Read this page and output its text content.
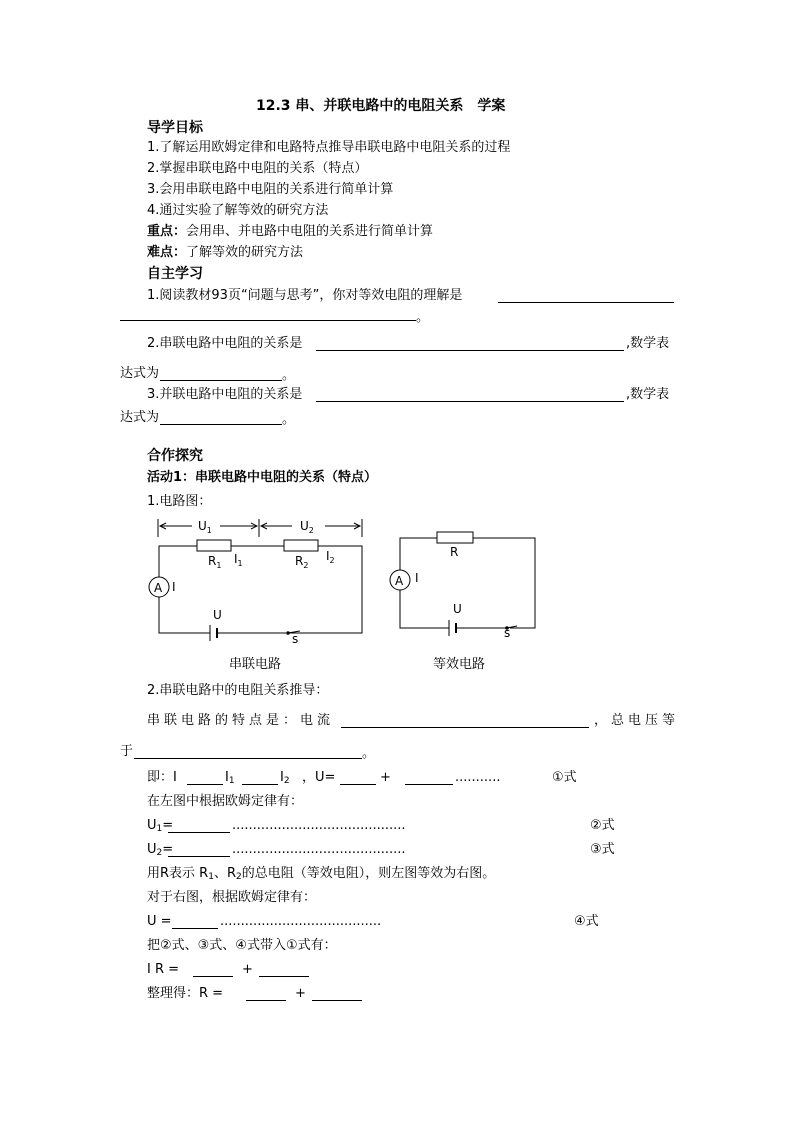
12.3 串、并联电路中的电阻关系　学案
导学目标
1.了解运用欧姆定律和电路特点推导串联电路中电阻关系的过程
2.掌握串联电路中电阻的关系（特点）
3.会用串联电路中电阻的关系进行简单计算
4.通过实验了解等效的研究方法
重点：会用串、并电路中电阻的关系进行简单计算
难点：了解等效的研究方法
自主学习
1.阅读教材93页“问题与思考”，你对等效电阻的理解是
。
2.串联电路中电阻的关系是	,数学表
达式为	。
3.并联电路中电阻的关系是	,数学表
达式为	。
合作探究
活动1：串联电路中电阻的关系（特点）
1.电路图：
$U_1$	$U_2$
$R_1$ $I_1$	$R_2$
$I_2$
A I
U
s
R
A I
U
s
串联电路	等效电路
2.串联电路中的电阻关系推导：
串联电路的特点是：电流	，总电压等
于	。
即：I	$I_1$	$I_2$ ，U=	+	...........	①式
在左图中根据欧姆定律有：
$U_1=$	..........................................	②式
$U_2=$	..........................................	③式
用R表示 $R_1$、$R_2$的总电阻（等效电阻），则左图等效为右图。
对于右图，根据欧姆定律有：
U =	.......................................	④式
把②式、③式、④式带入①式有：
I R =	+
整理得：R =	+
